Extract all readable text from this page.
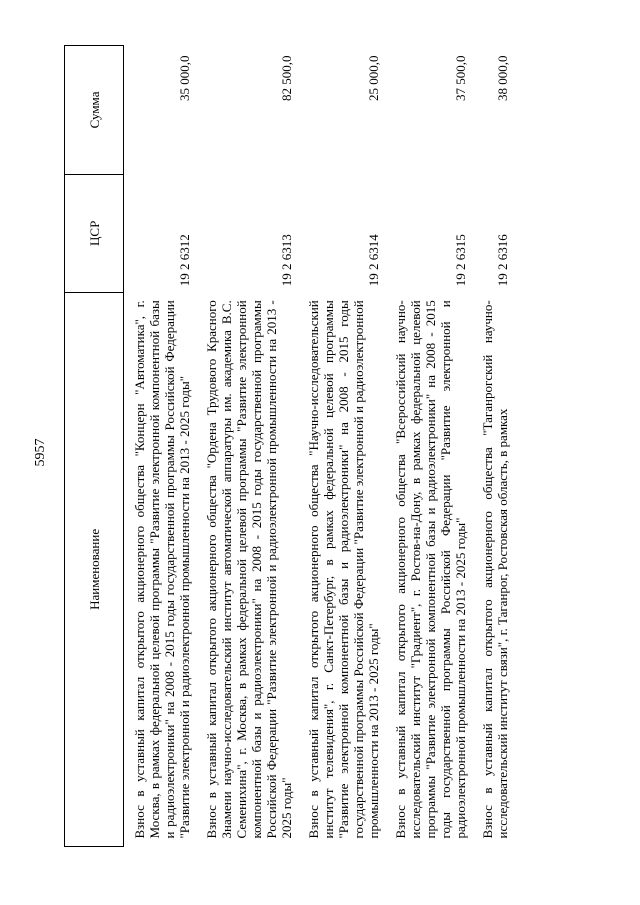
5957
Наименование	ЦСР	Сумма
Взнос в уставный капитал открытого акционерного общества "Концерн "Автоматика", г. Москва, в рамках федеральной целевой программы "Развитие электронной компонентной базы и радиоэлектроники" на 2008 - 2015 годы государственной программы Российской Федерации "Развитие электронной и радиоэлектронной промышленности на 2013 - 2025 годы"	19 2 6312	35 000,0
Взнос в уставный капитал открытого акционерного общества "Ордена Трудового Красного Знамени научно-исследовательский институт автоматической аппаратуры им. академика В.С. Семенихина", г. Москва, в рамках федеральной целевой программы "Развитие электронной компонентной базы и радиоэлектроники" на 2008 - 2015 годы государственной программы Российской Федерации "Развитие электронной и радиоэлектронной промышленности на 2013 - 2025 годы"	19 2 6313	82 500,0
Взнос в уставный капитал открытого акционерного общества "Научно-исследовательский институт телевидения", г. Санкт-Петербург, в рамках федеральной целевой программы "Развитие электронной компонентной базы и радиоэлектроники" на 2008 - 2015 годы государственной программы Российской Федерации "Развитие электронной и радиоэлектронной промышленности на 2013 - 2025 годы"	19 2 6314	25 000,0
Взнос в уставный капитал открытого акционерного общества "Всероссийский научно-исследовательский институт "Градиент", г. Ростов-на-Дону, в рамках федеральной целевой программы "Развитие электронной компонентной базы и радиоэлектроники" на 2008 - 2015 годы государственной программы Российской Федерации "Развитие электронной и радиоэлектронной промышленности на 2013 - 2025 годы"	19 2 6315	37 500,0
Взнос в уставный капитал открытого акционерного общества "Таганрогский научно-исследовательский институт связи", г. Таганрог, Ростовская область, в рамках	19 2 6316	38 000,0
